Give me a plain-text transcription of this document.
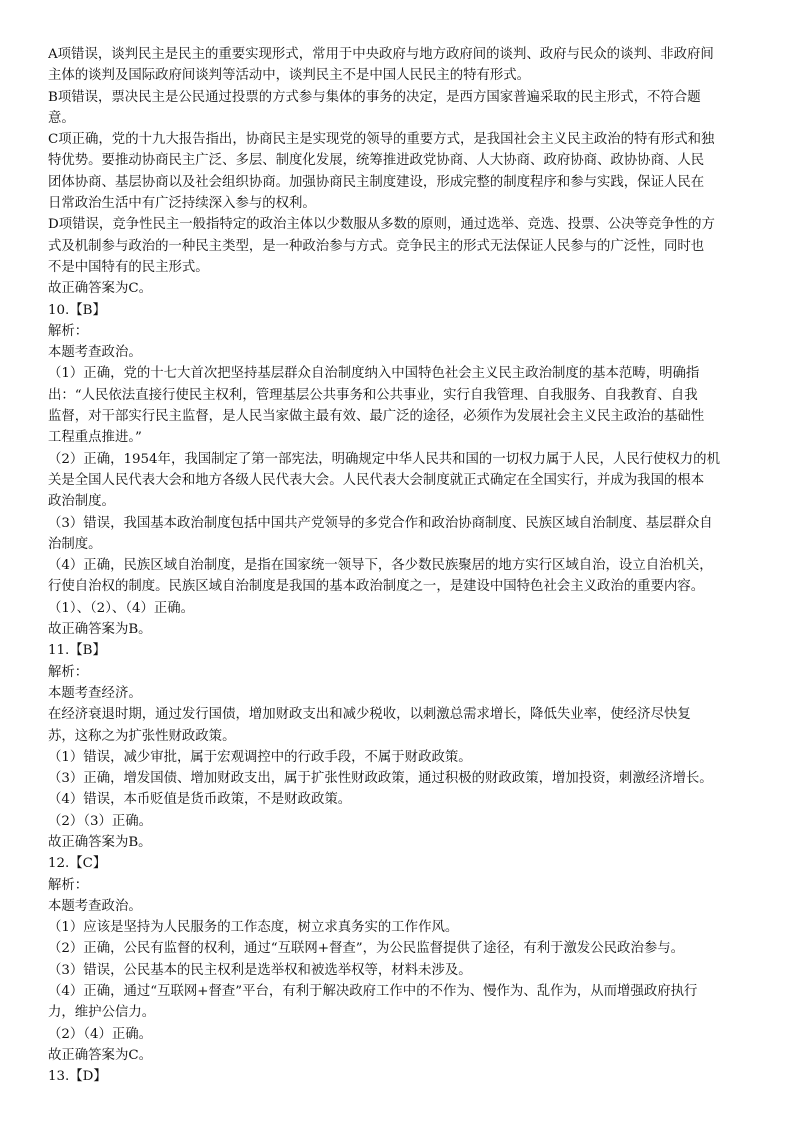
A项错误，谈判民主是民主的重要实现形式，常用于中央政府与地方政府间的谈判、政府与民众的谈判、非政府间
主体的谈判及国际政府间谈判等活动中，谈判民主不是中国人民民主的特有形式。
B项错误，票决民主是公民通过投票的方式参与集体的事务的决定，是西方国家普遍采取的民主形式，不符合题
意。
C项正确，党的十九大报告指出，协商民主是实现党的领导的重要方式，是我国社会主义民主政治的特有形式和独
特优势。要推动协商民主广泛、多层、制度化发展，统筹推进政党协商、人大协商、政府协商、政协协商、人民
团体协商、基层协商以及社会组织协商。加强协商民主制度建设，形成完整的制度程序和参与实践，保证人民在
日常政治生活中有广泛持续深入参与的权利。
D项错误，竞争性民主一般指特定的政治主体以少数服从多数的原则，通过选举、竞选、投票、公决等竞争性的方
式及机制参与政治的一种民主类型，是一种政治参与方式。竞争民主的形式无法保证人民参与的广泛性，同时也
不是中国特有的民主形式。
故正确答案为C。
10.【B】
解析：
本题考查政治。
（1）正确，党的十七大首次把坚持基层群众自治制度纳入中国特色社会主义民主政治制度的基本范畴，明确指
出：“人民依法直接行使民主权利，管理基层公共事务和公共事业，实行自我管理、自我服务、自我教育、自我
监督，对干部实行民主监督，是人民当家做主最有效、最广泛的途径，必须作为发展社会主义民主政治的基础性
工程重点推进。”
（2）正确，1954年，我国制定了第一部宪法，明确规定中华人民共和国的一切权力属于人民，人民行使权力的机
关是全国人民代表大会和地方各级人民代表大会。人民代表大会制度就正式确定在全国实行，并成为我国的根本
政治制度。
（3）错误，我国基本政治制度包括中国共产党领导的多党合作和政治协商制度、民族区域自治制度、基层群众自
治制度。
（4）正确，民族区域自治制度，是指在国家统一领导下，各少数民族聚居的地方实行区域自治，设立自治机关，
行使自治权的制度。民族区域自治制度是我国的基本政治制度之一，是建设中国特色社会主义政治的重要内容。
（1）、（2）、（4）正确。
故正确答案为B。
11.【B】
解析：
本题考查经济。
在经济衰退时期，通过发行国债，增加财政支出和减少税收，以刺激总需求增长，降低失业率，使经济尽快复
苏，这称之为扩张性财政政策。
（1）错误，减少审批，属于宏观调控中的行政手段，不属于财政政策。
（3）正确，增发国债、增加财政支出，属于扩张性财政政策，通过积极的财政政策，增加投资，刺激经济增长。
（4）错误，本币贬值是货币政策，不是财政政策。
（2）（3）正确。
故正确答案为B。
12.【C】
解析：
本题考查政治。
（1）应该是坚持为人民服务的工作态度，树立求真务实的工作作风。
（2）正确，公民有监督的权利，通过“互联网+督查”，为公民监督提供了途径，有利于激发公民政治参与。
（3）错误，公民基本的民主权利是选举权和被选举权等，材料未涉及。
（4）正确，通过“互联网+督查”平台，有利于解决政府工作中的不作为、慢作为、乱作为，从而增强政府执行
力，维护公信力。
（2）（4）正确。
故正确答案为C。
13.【D】
